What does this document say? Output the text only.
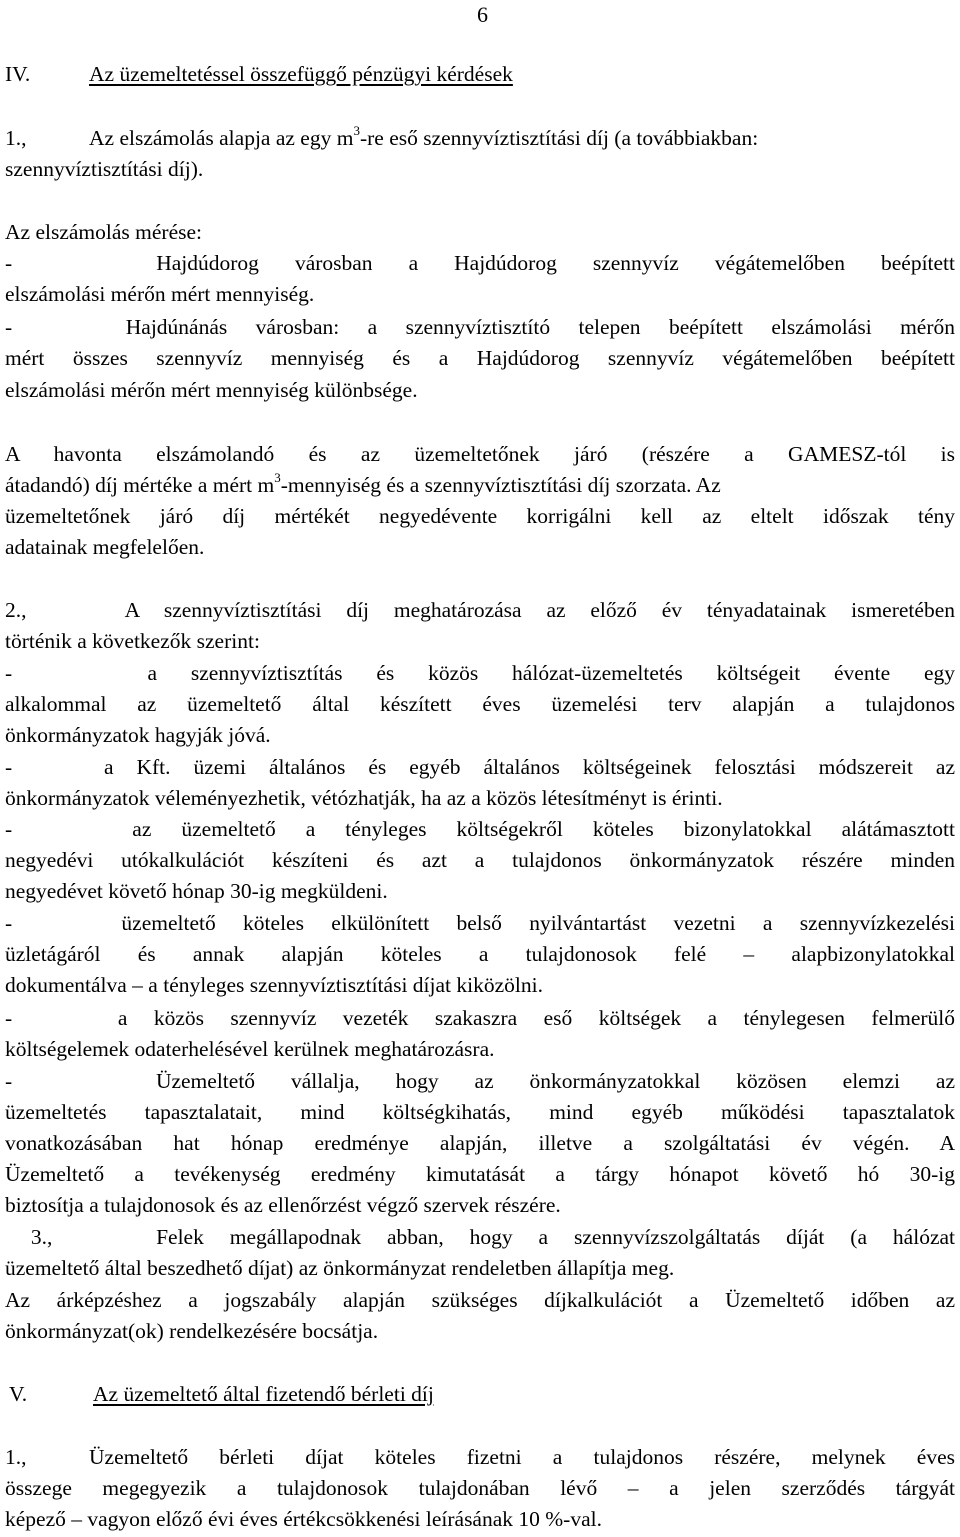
6
IV.	Az üzemeltetéssel összefüggő pénzügyi kérdések
1.,	Az elszámolás alapja az egy $m^3-re$ eső szennyvíztisztítási díj (a továbbiakban:
szennyvíztisztítási díj).
Az elszámolás mérése:
-    Hajdúdorog városban a Hajdúdorog szennyvíz végátemelőben beépített
elszámolási mérőn mért mennyiség.
-    Hajdúnánás városban: a szennyvíztisztító telepen beépített elszámolási mérőn
mért összes szennyvíz mennyiség és a Hajdúdorog szennyvíz végátemelőben beépített
elszámolási mérőn mért mennyiség különbsége.
A havonta elszámolandó és az üzemeltetőnek járó (részére a GAMESZ-tól is
átadandó) díj mértéke a mért $m^3$-mennyiség és a szennyvíztisztítási díj szorzata. Az
üzemeltetőnek járó díj mértékét negyedévente korrigálni kell az eltelt időszak tény
adatainak megfelelően.
2.,    A szennyvíztisztítási díj meghatározása az előző év tényadatainak ismeretében
történik a következők szerint:
-    a szennyvíztisztítás és közös hálózat-üzemeltetés költségeit évente egy
alkalommal az üzemeltető által készített éves üzemelési terv alapján a tulajdonos
önkormányzatok hagyják jóvá.
-    a Kft. üzemi általános és egyéb általános költségeinek felosztási módszereit az
önkormányzatok véleményezhetik, vétózhatják, ha az a közös létesítményt is érinti.
-    az üzemeltető a tényleges költségekről köteles bizonylatokkal alátámasztott
negyedévi utókalkulációt készíteni és azt a tulajdonos önkormányzatok részére minden
negyedévet követő hónap 30-ig megküldeni.
-    üzemeltető köteles elkülönített belső nyilvántartást vezetni a szennyvízkezelési
üzletágáról és annak alapján köteles a tulajdonosok felé – alapbizonylatokkal
dokumentálva – a tényleges szennyvíztisztítási díjat kiközölni.
-    a közös szennyvíz vezeték szakaszra eső költségek a ténylegesen felmerülő
költségelemek odaterhelésével kerülnek meghatározásra.
-    Üzemeltető vállalja, hogy az önkormányzatokkal közösen elemzi az
üzemeltetés tapasztalatait, mind költségkihatás, mind egyéb működési tapasztalatok
vonatkozásában hat hónap eredménye alapján, illetve a szolgáltatási év végén. A
Üzemeltető a tevékenység eredmény kimutatását a tárgy hónapot követő hó 30-ig
biztosítja a tulajdonosok és az ellenőrzést végző szervek részére.
3.,    Felek megállapodnak abban, hogy a szennyvízszolgáltatás díját (a hálózat
üzemeltető által beszedhető díjat) az önkormányzat rendeletben állapítja meg.
Az árképzéshez a jogszabály alapján szükséges díjkalkulációt a Üzemeltető időben az
önkormányzat(ok) rendelkezésére bocsátja.
V.	Az üzemeltető által fizetendő bérleti díj
1.,	Üzemeltető bérleti díjat köteles fizetni a tulajdonos részére, melynek éves
összege megegyezik a tulajdonosok tulajdonában lévő – a jelen szerződés tárgyát
képező – vagyon előző évi éves értékcsökkenési leírásának 10 %-val.
